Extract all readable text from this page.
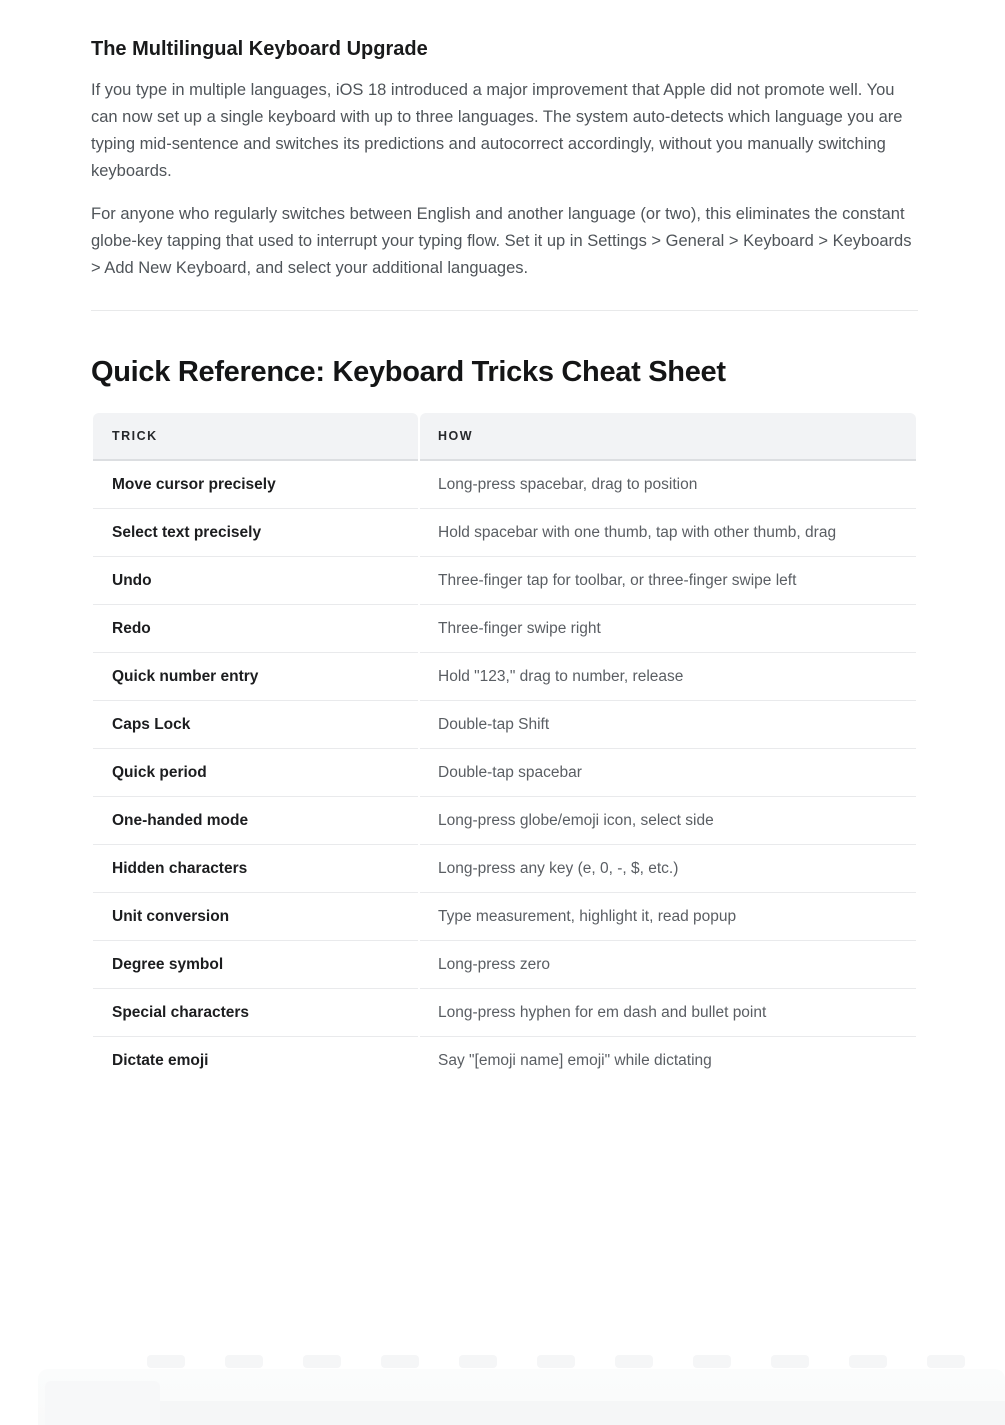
The Multilingual Keyboard Upgrade

If you type in multiple languages, iOS 18 introduced a major improvement that Apple did not promote well. You can now set up a single keyboard with up to three languages. The system auto-detects which language you are typing mid-sentence and switches its predictions and autocorrect accordingly, without you manually switching keyboards.

For anyone who regularly switches between English and another language (or two), this eliminates the constant globe-key tapping that used to interrupt your typing flow. Set it up in Settings > General > Keyboard > Keyboards > Add New Keyboard, and select your additional languages.

Quick Reference: Keyboard Tricks Cheat Sheet
TRICK	HOW
Move cursor precisely	Long-press spacebar, drag to position
Select text precisely	Hold spacebar with one thumb, tap with other thumb, drag
Undo	Three-finger tap for toolbar, or three-finger swipe left
Redo	Three-finger swipe right
Quick number entry	Hold "123," drag to number, release
Caps Lock	Double-tap Shift
Quick period	Double-tap spacebar
One-handed mode	Long-press globe/emoji icon, select side
Hidden characters	Long-press any key (e, 0, -, $, etc.)
Unit conversion	Type measurement, highlight it, read popup
Degree symbol	Long-press zero
Special characters	Long-press hyphen for em dash and bullet point
Dictate emoji	Say "[emoji name] emoji" while dictating
